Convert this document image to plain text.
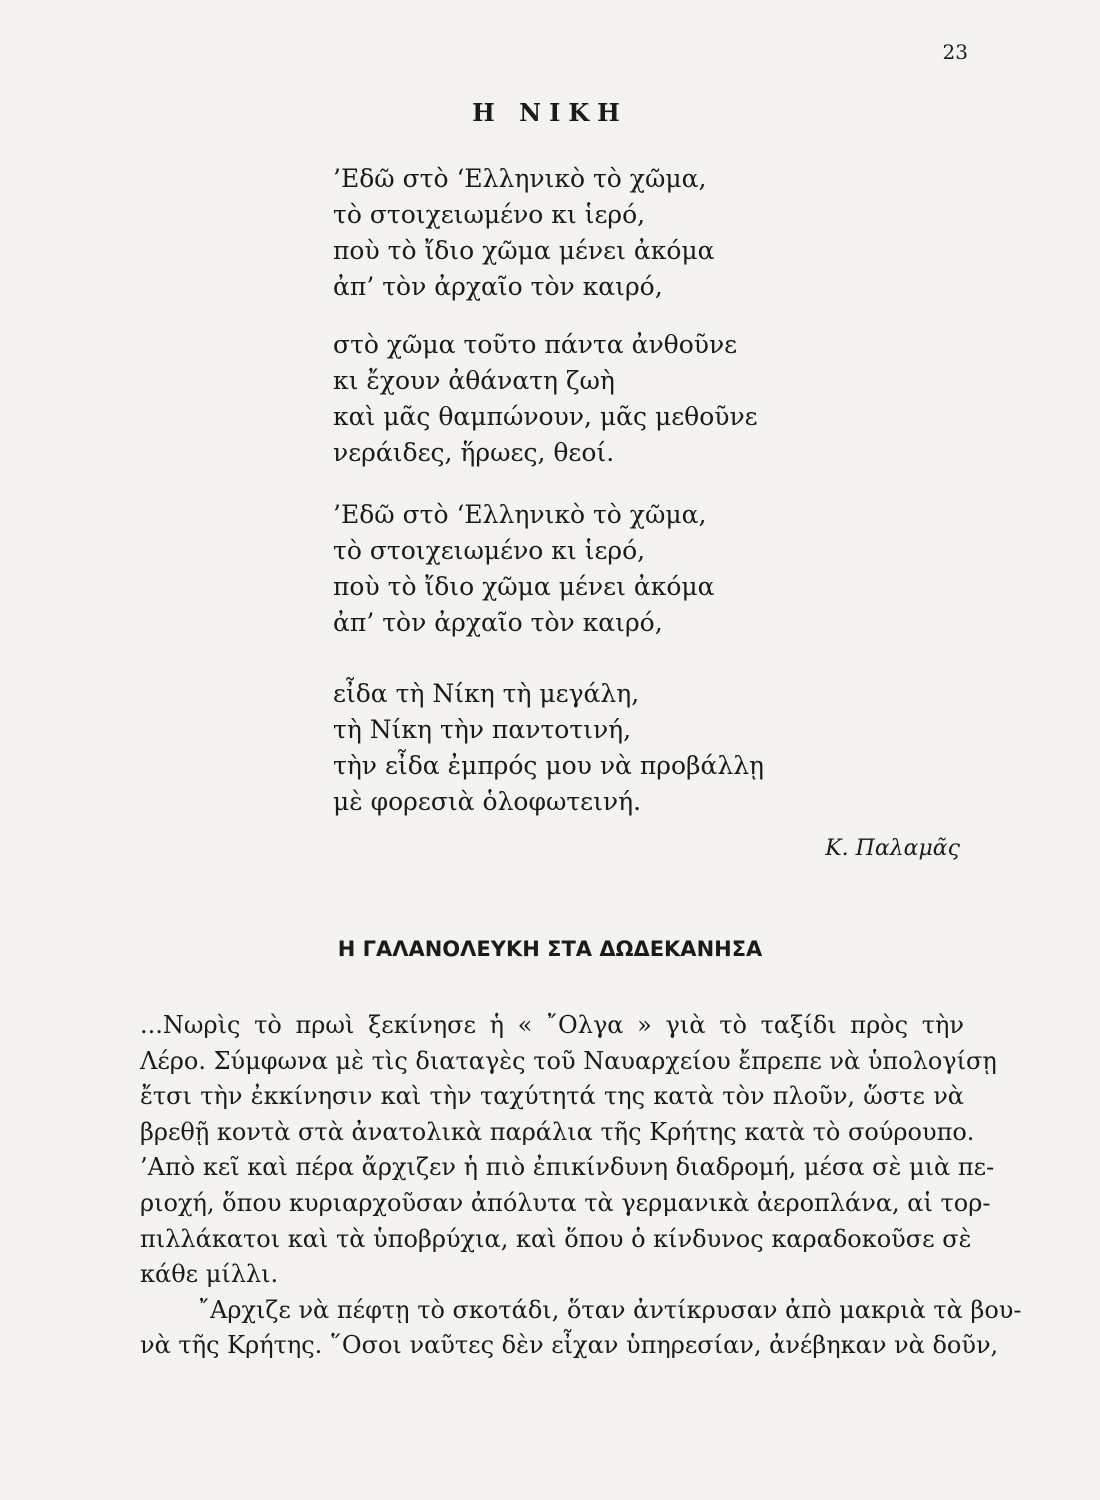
23
Η ΝΙΚΗ
’Εδῶ στὸ ‘Ελληνικὸ τὸ χῶμα,
τὸ στοιχειωμένο κι ἱερό,
ποὺ τὸ ἴδιο χῶμα μένει ἀκόμα
ἀπ’ τὸν ἀρχαῖο τὸν καιρό,
στὸ χῶμα τοῦτο πάντα ἀνθοῦνε
κι ἔχουν ἀθάνατη ζωὴ
καὶ μᾶς θαμπώνουν, μᾶς μεθοῦνε
νεράιδες, ἥρωες, θεοί.
’Εδῶ στὸ ‘Ελληνικὸ τὸ χῶμα,
τὸ στοιχειωμένο κι ἱερό,
ποὺ τὸ ἴδιο χῶμα μένει ἀκόμα
ἀπ’ τὸν ἀρχαῖο τὸν καιρό,
εἶδα τὴ Νίκη τὴ μεγάλη,
τὴ Νίκη τὴν παντοτινή,
τὴν εἶδα ἐμπρός μου νὰ προβάλλῃ
μὲ φορεσιὰ ὁλοφωτεινή.
Κ. Παλαμᾶς
Η ΓΑΛΑΝΟΛΕΥΚΗ ΣΤΑ ΔΩΔΕΚΑΝΗΣΑ

...Νωρὶς τὸ πρωὶ ξεκίνησε ἡ « ῎Ολγα » γιὰ τὸ ταξίδι πρὸς τὴν

Λέρο. Σύμφωνα μὲ τὶς διαταγὲς τοῦ Ναυαρχείου ἔπρεπε νὰ ὑπολογίσῃ

ἔτσι τὴν ἐκκίνησιν καὶ τὴν ταχύτητά της κατὰ τὸν πλοῦν, ὥστε νὰ

βρεθῇ κοντὰ στὰ ἀνατολικὰ παράλια τῆς Κρήτης κατὰ τὸ σούρουπο.

’Απὸ κεῖ καὶ πέρα ἄρχιζεν ἡ πιὸ ἐπικίνδυνη διαδρομή, μέσα σὲ μιὰ πε-

ριοχή, ὅπου κυριαρχοῦσαν ἀπόλυτα τὰ γερμανικὰ ἀεροπλάνα, αἱ τορ-

πιλλάκατοι καὶ τὰ ὑποβρύχια, καὶ ὅπου ὁ κίνδυνος καραδοκοῦσε σὲ

κάθε μίλλι.

῎Αρχιζε νὰ πέφτῃ τὸ σκοτάδι, ὅταν ἀντίκρυσαν ἀπὸ μακριὰ τὰ βου-

νὰ τῆς Κρήτης. ῞Οσοι ναῦτες δὲν εἶχαν ὑπηρεσίαν, ἀνέβηκαν νὰ δοῦν,
